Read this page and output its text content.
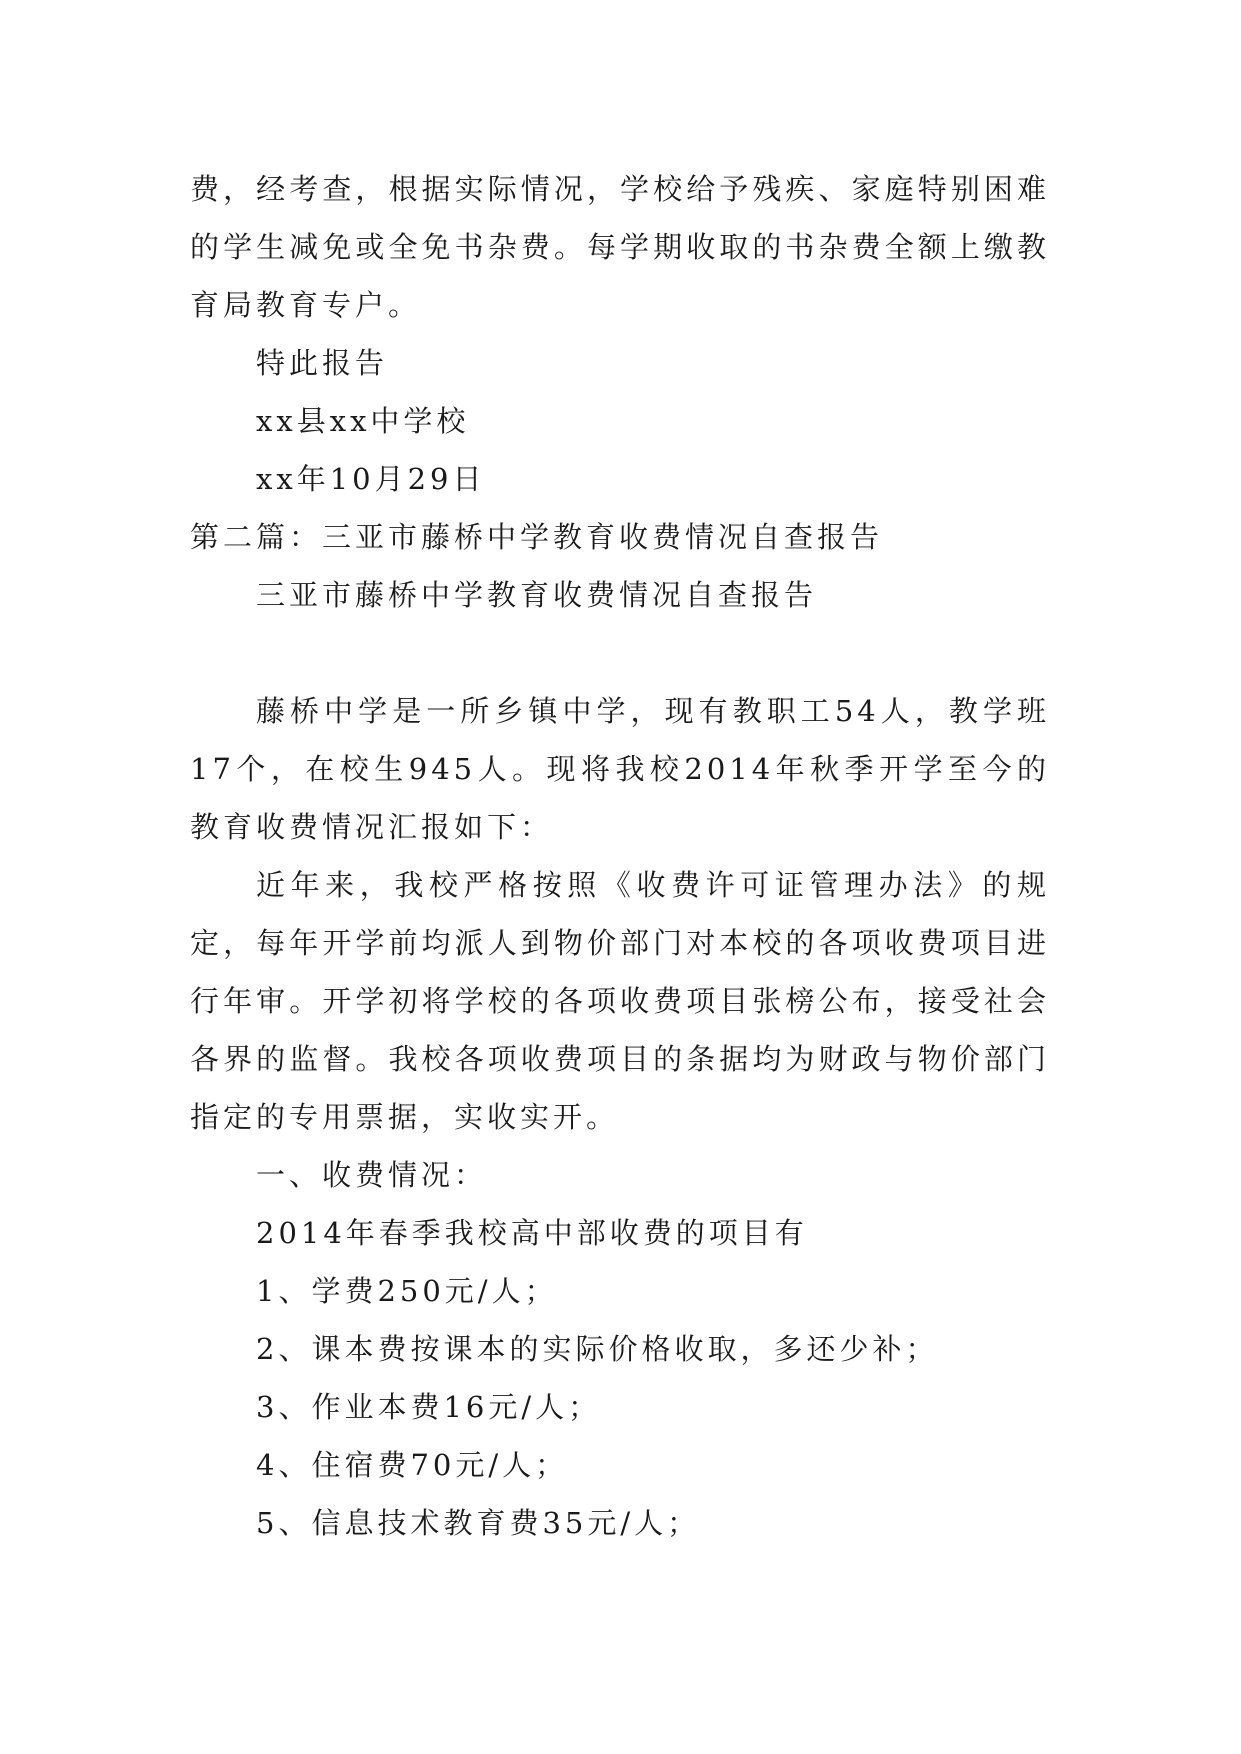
费，经考查，根据实际情况，学校给予残疾、家庭特别困难的学生减免或全免书杂费。每学期收取的书杂费全额上缴教育局教育专户。

特此报告

xx县xx中学校

xx年10月29日

第二篇：三亚市藤桥中学教育收费情况自查报告

三亚市藤桥中学教育收费情况自查报告

藤桥中学是一所乡镇中学，现有教职工54人，教学班17个，在校生945人。现将我校2014年秋季开学至今的教育收费情况汇报如下：

近年来，我校严格按照《收费许可证管理办法》的规定，每年开学前均派人到物价部门对本校的各项收费项目进行年审。开学初将学校的各项收费项目张榜公布，接受社会各界的监督。我校各项收费项目的条据均为财政与物价部门指定的专用票据，实收实开。

一、收费情况：

2014年春季我校高中部收费的项目有

1、学费250元/人；

2、课本费按课本的实际价格收取，多还少补；

3、作业本费16元/人；

4、住宿费70元/人；

5、信息技术教育费35元/人；
